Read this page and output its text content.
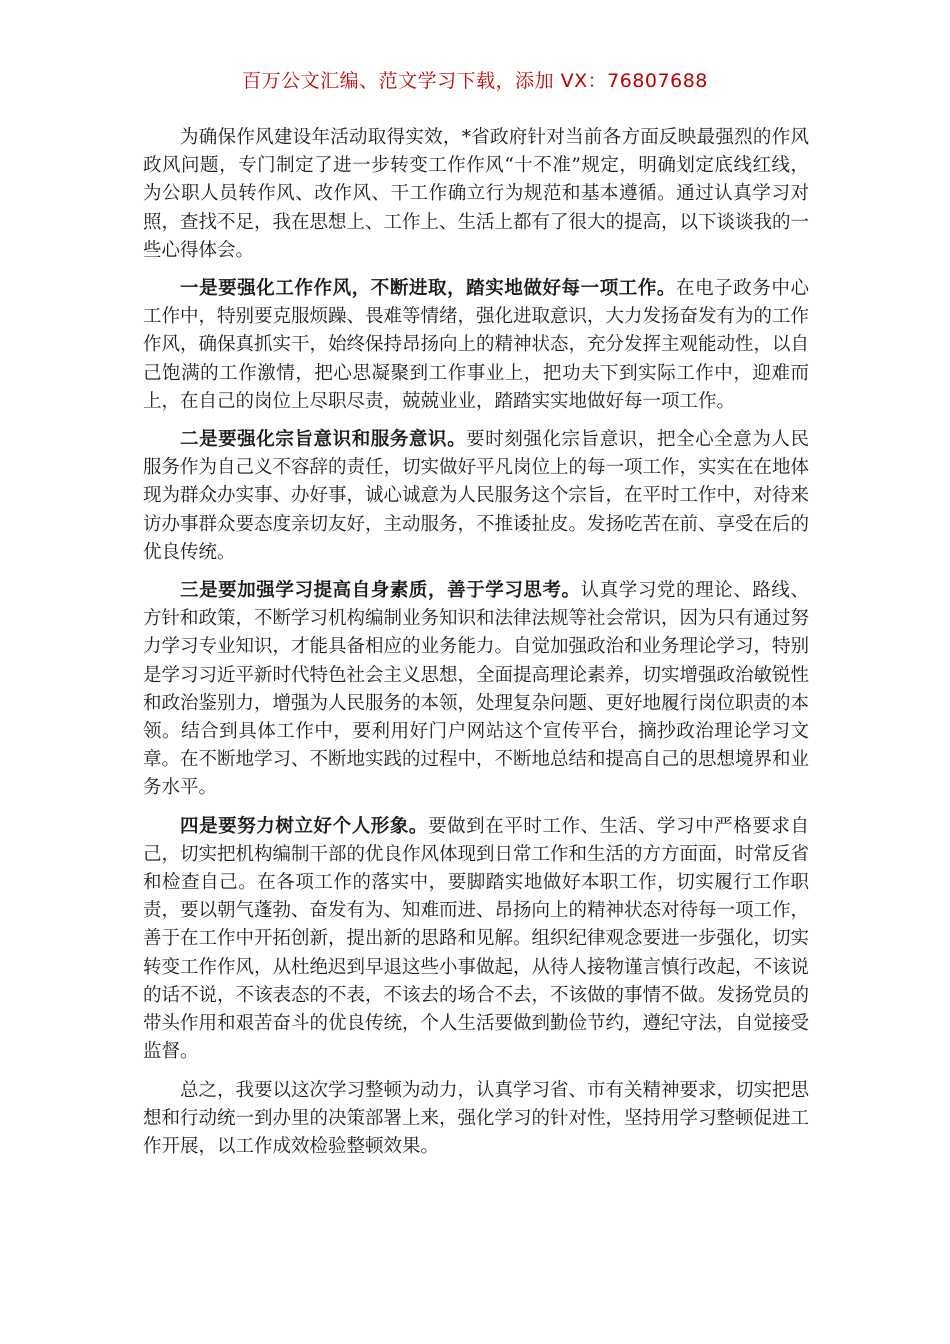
百万公文汇编、范文学习下载，添加 VX：76807688

为确保作风建设年活动取得实效，*省政府针对当前各方面反映最强烈的作风政风问题，专门制定了进一步转变工作作风“十不准”规定，明确划定底线红线，为公职人员转作风、改作风、干工作确立行为规范和基本遵循。通过认真学习对照，查找不足，我在思想上、工作上、生活上都有了很大的提高，以下谈谈我的一些心得体会。

一是要强化工作作风，不断进取，踏实地做好每一项工作。在电子政务中心工作中，特别要克服烦躁、畏难等情绪，强化进取意识，大力发扬奋发有为的工作作风，确保真抓实干，始终保持昂扬向上的精神状态，充分发挥主观能动性，以自己饱满的工作激情，把心思凝聚到工作事业上，把功夫下到实际工作中，迎难而上，在自己的岗位上尽职尽责，兢兢业业，踏踏实实地做好每一项工作。

二是要强化宗旨意识和服务意识。要时刻强化宗旨意识，把全心全意为人民服务作为自己义不容辞的责任，切实做好平凡岗位上的每一项工作，实实在在地体现为群众办实事、办好事，诚心诚意为人民服务这个宗旨，在平时工作中，对待来访办事群众要态度亲切友好，主动服务，不推诿扯皮。发扬吃苦在前、享受在后的优良传统。

三是要加强学习提高自身素质，善于学习思考。认真学习党的理论、路线、方针和政策，不断学习机构编制业务知识和法律法规等社会常识，因为只有通过努力学习专业知识，才能具备相应的业务能力。自觉加强政治和业务理论学习，特别是学习习近平新时代特色社会主义思想，全面提高理论素养，切实增强政治敏锐性和政治鉴别力，增强为人民服务的本领，处理复杂问题、更好地履行岗位职责的本领。结合到具体工作中，要利用好门户网站这个宣传平台，摘抄政治理论学习文章。在不断地学习、不断地实践的过程中，不断地总结和提高自己的思想境界和业务水平。

四是要努力树立好个人形象。要做到在平时工作、生活、学习中严格要求自己，切实把机构编制干部的优良作风体现到日常工作和生活的方方面面，时常反省和检查自己。在各项工作的落实中，要脚踏实地做好本职工作，切实履行工作职责，要以朝气蓬勃、奋发有为、知难而进、昂扬向上的精神状态对待每一项工作，善于在工作中开拓创新，提出新的思路和见解。组织纪律观念要进一步强化，切实转变工作作风，从杜绝迟到早退这些小事做起，从待人接物谨言慎行改起，不该说的话不说，不该表态的不表，不该去的场合不去，不该做的事情不做。发扬党员的带头作用和艰苦奋斗的优良传统，个人生活要做到勤俭节约，遵纪守法，自觉接受监督。

总之，我要以这次学习整顿为动力，认真学习省、市有关精神要求，切实把思想和行动统一到办里的决策部署上来，强化学习的针对性，坚持用学习整顿促进工作开展，以工作成效检验整顿效果。
